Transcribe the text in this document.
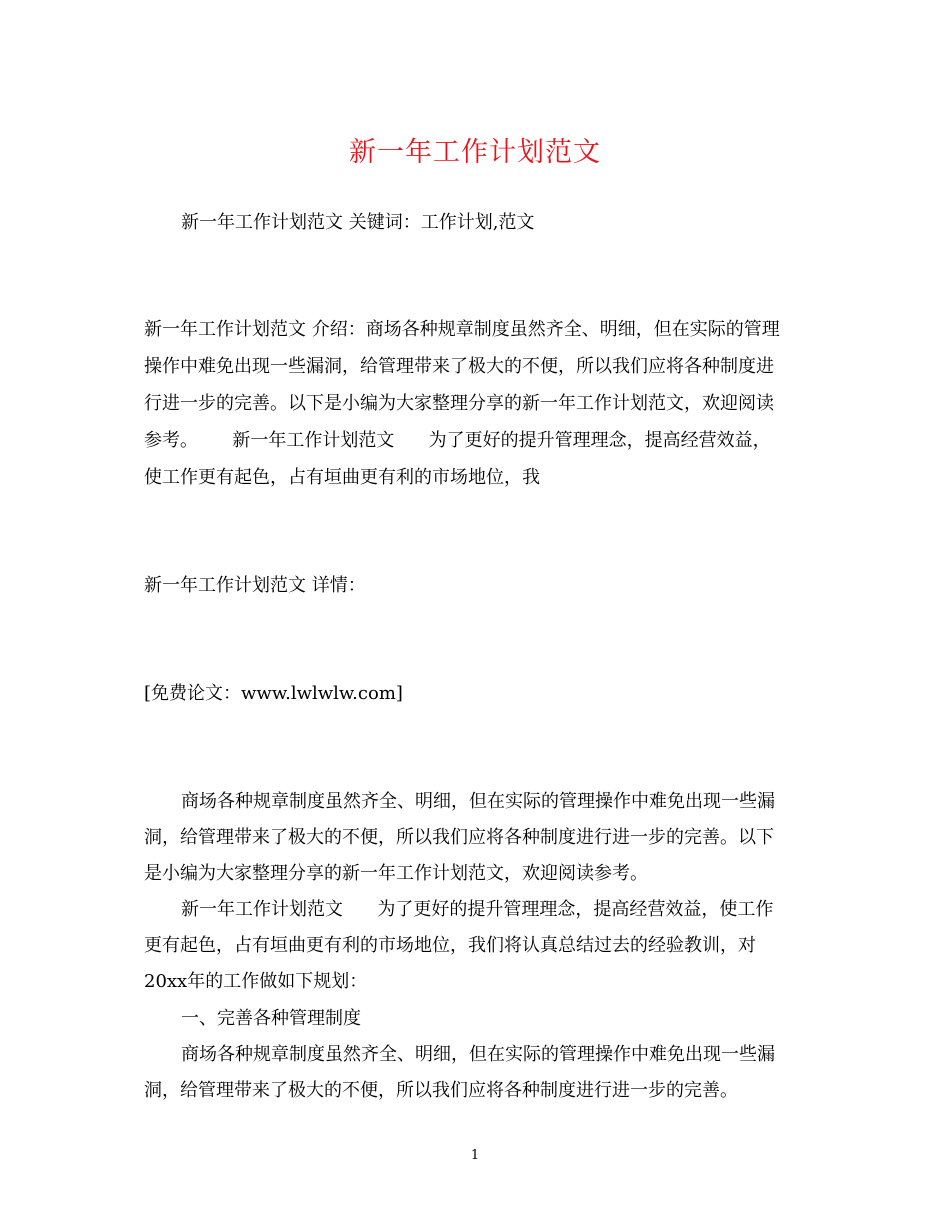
新一年工作计划范文
新一年工作计划范文 关键词：工作计划,范文
新一年工作计划范文 介绍：商场各种规章制度虽然齐全、明细，但在实际的管理
操作中难免出现一些漏洞，给管理带来了极大的不便，所以我们应将各种制度进
行进一步的完善。以下是小编为大家整理分享的新一年工作计划范文，欢迎阅读
参考。      新一年工作计划范文      为了更好的提升管理理念，提高经营效益，
使工作更有起色，占有垣曲更有利的市场地位，我
新一年工作计划范文 详情：
[免费论文：www.lwlwlw.com]
商场各种规章制度虽然齐全、明细，但在实际的管理操作中难免出现一些漏
洞，给管理带来了极大的不便，所以我们应将各种制度进行进一步的完善。以下
是小编为大家整理分享的新一年工作计划范文，欢迎阅读参考。
新一年工作计划范文      为了更好的提升管理理念，提高经营效益，使工作
更有起色，占有垣曲更有利的市场地位，我们将认真总结过去的经验教训，对
20xx年的工作做如下规划：
一、完善各种管理制度
商场各种规章制度虽然齐全、明细，但在实际的管理操作中难免出现一些漏
洞，给管理带来了极大的不便，所以我们应将各种制度进行进一步的完善。
1
